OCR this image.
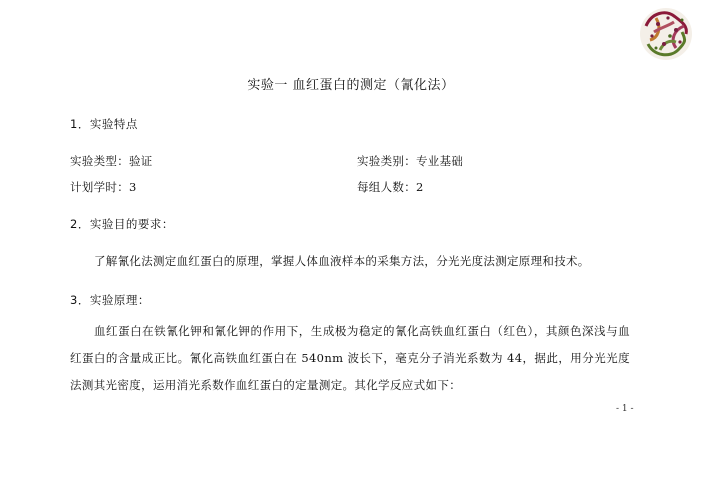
实验一 血红蛋白的测定（氰化法）
1．实验特点
实验类型：验证	实验类别：专业基础
计划学时：3	每组人数：2
2．实验目的要求：
了解氰化法测定血红蛋白的原理，掌握人体血液样本的采集方法，分光光度法测定原理和技术。
3．实验原理：
血红蛋白在铁氰化钾和氰化钾的作用下，生成极为稳定的氰化高铁血红蛋白（红色），其颜色深浅与血红蛋白的含量成正比。氰化高铁血红蛋白在 540nm 波长下，毫克分子消光系数为 44，据此，用分光光度法测其光密度，运用消光系数作血红蛋白的定量测定。其化学反应式如下：
- 1 -
